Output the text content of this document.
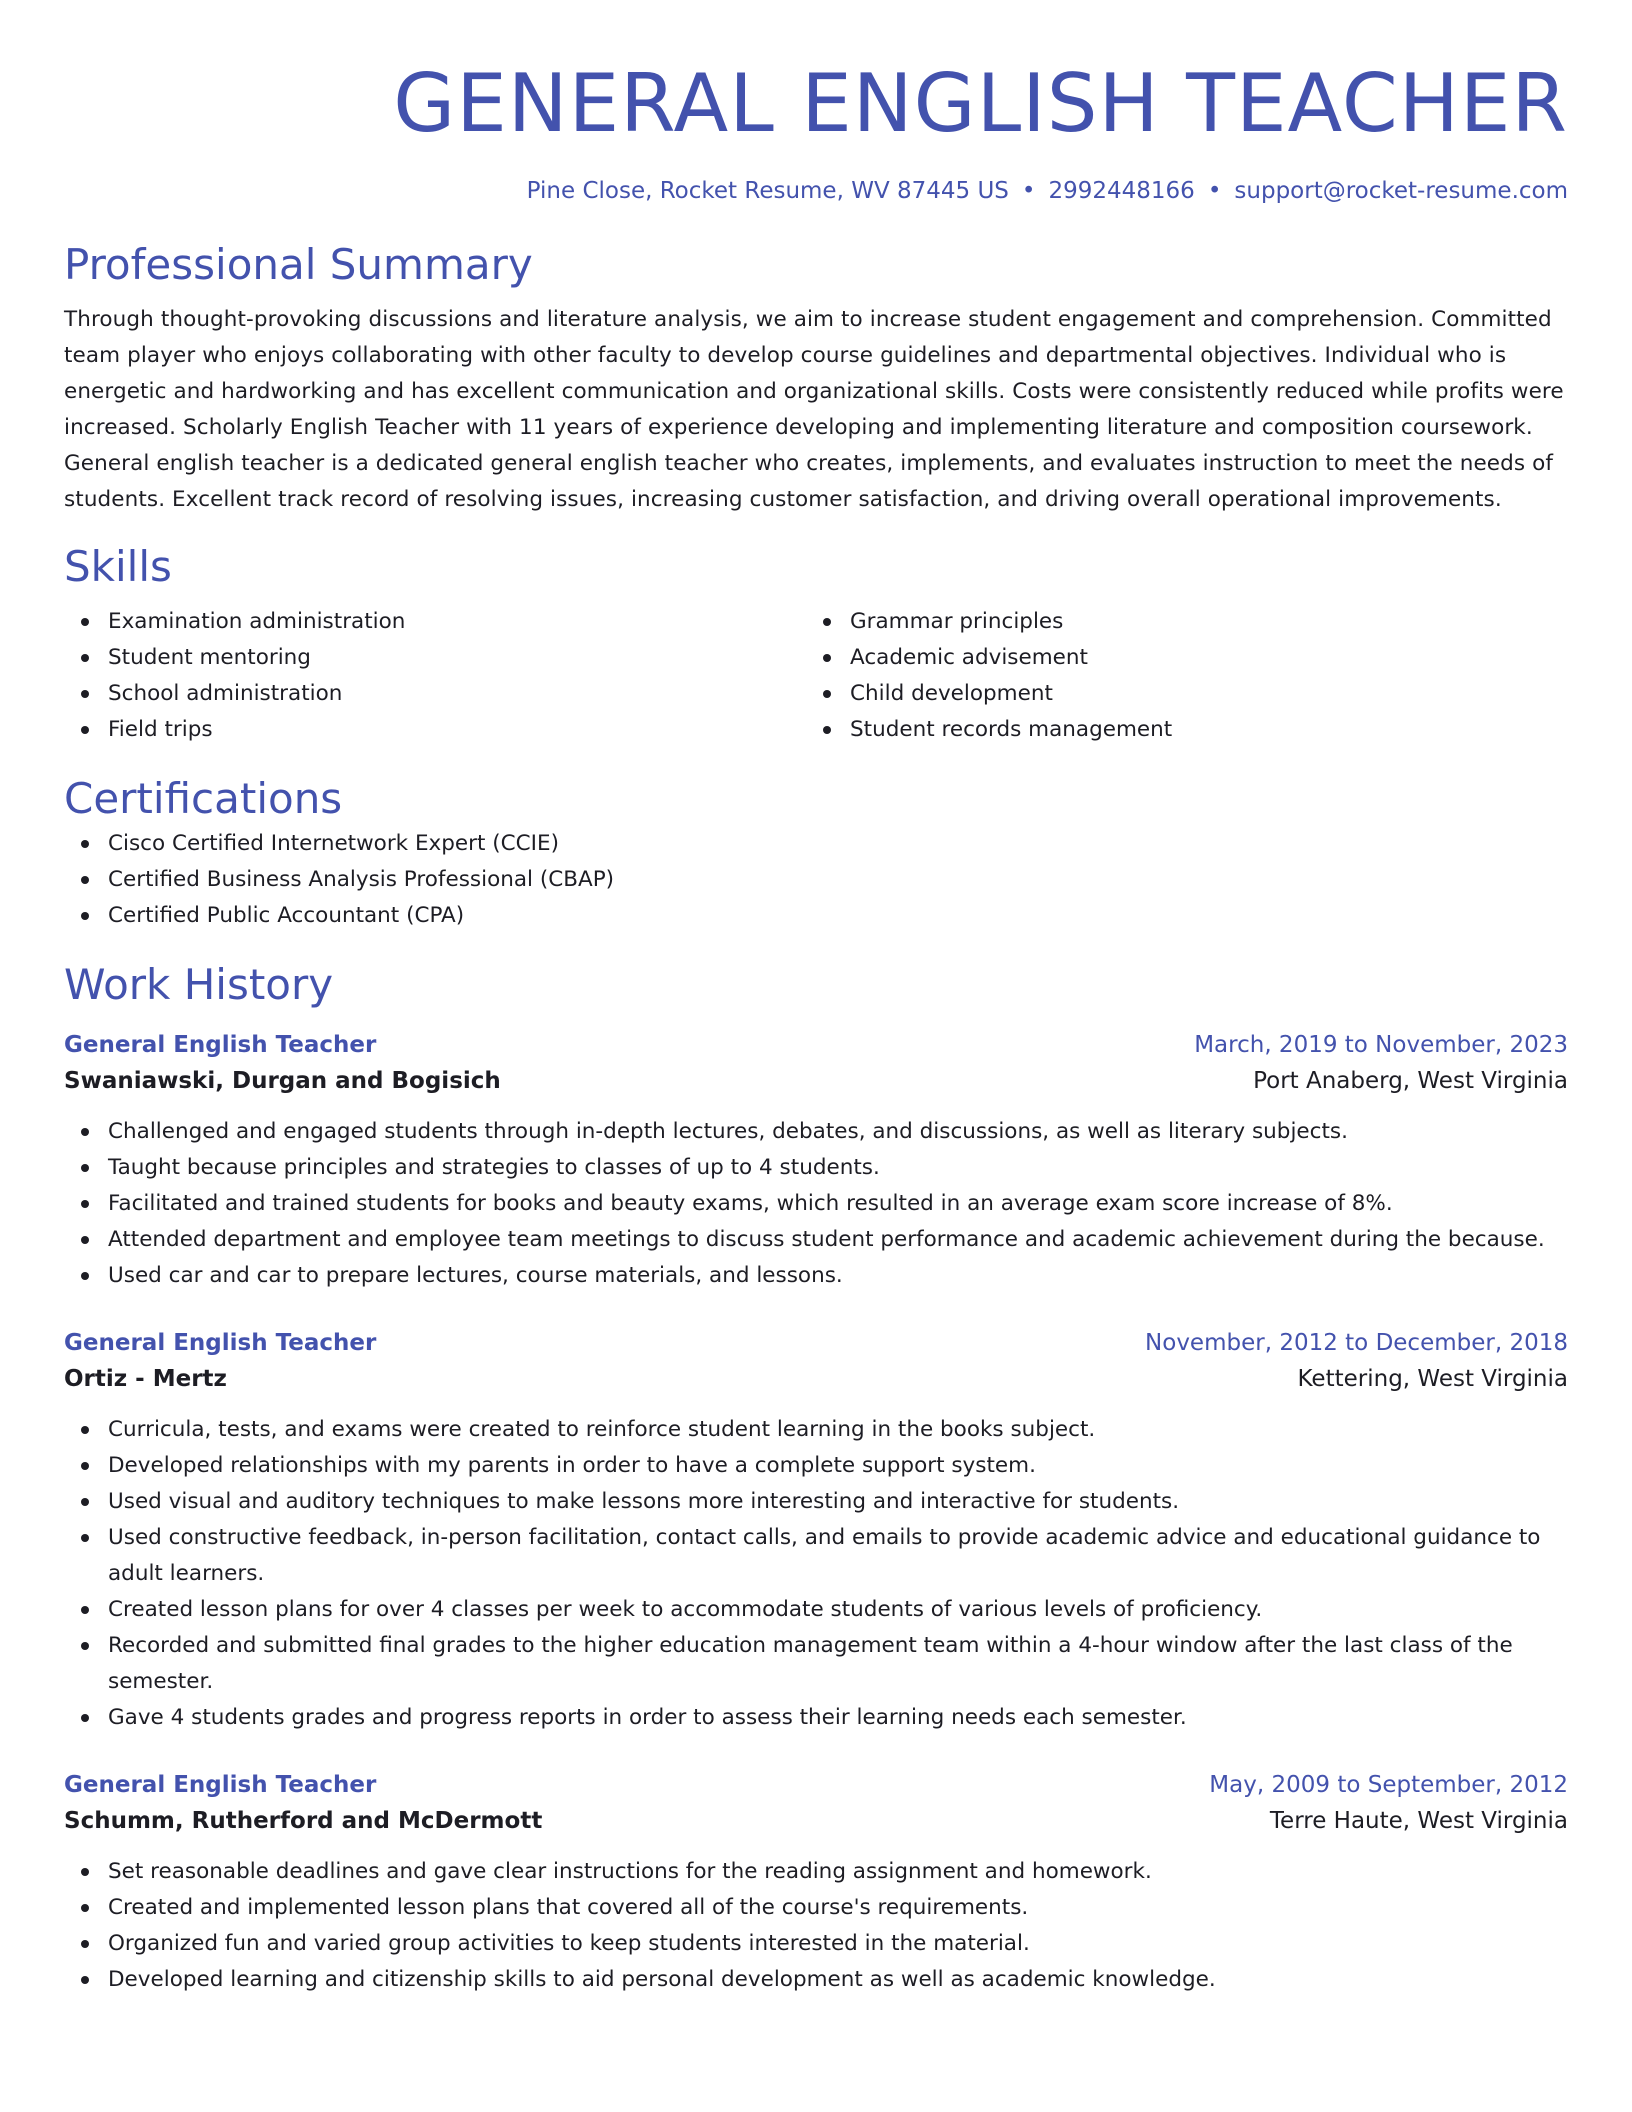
GENERAL ENGLISH TEACHER
Pine Close, Rocket Resume, WV 87445 US • 2992448166 • support@rocket-resume.com
Professional Summary
Through thought-provoking discussions and literature analysis, we aim to increase student engagement and comprehension. Committed team player who enjoys collaborating with other faculty to develop course guidelines and departmental objectives. Individual who is energetic and hardworking and has excellent communication and organizational skills. Costs were consistently reduced while profits were increased. Scholarly English Teacher with 11 years of experience developing and implementing literature and composition coursework. General english teacher is a dedicated general english teacher who creates, implements, and evaluates instruction to meet the needs of students. Excellent track record of resolving issues, increasing customer satisfaction, and driving overall operational improvements.
Skills
Examination administration
Student mentoring
School administration
Field trips
Grammar principles
Academic advisement
Child development
Student records management
Certifications
Cisco Certified Internetwork Expert (CCIE)
Certified Business Analysis Professional (CBAP)
Certified Public Accountant (CPA)
Work History
General English Teacher	March, 2019 to November, 2023
Swaniawski, Durgan and Bogisich	Port Anaberg, West Virginia
Challenged and engaged students through in-depth lectures, debates, and discussions, as well as literary subjects.
Taught because principles and strategies to classes of up to 4 students.
Facilitated and trained students for books and beauty exams, which resulted in an average exam score increase of 8%.
Attended department and employee team meetings to discuss student performance and academic achievement during the because.
Used car and car to prepare lectures, course materials, and lessons.
General English Teacher	November, 2012 to December, 2018
Ortiz - Mertz	Kettering, West Virginia
Curricula, tests, and exams were created to reinforce student learning in the books subject.
Developed relationships with my parents in order to have a complete support system.
Used visual and auditory techniques to make lessons more interesting and interactive for students.
Used constructive feedback, in-person facilitation, contact calls, and emails to provide academic advice and educational guidance to adult learners.
Created lesson plans for over 4 classes per week to accommodate students of various levels of proficiency.
Recorded and submitted final grades to the higher education management team within a 4-hour window after the last class of the semester.
Gave 4 students grades and progress reports in order to assess their learning needs each semester.
General English Teacher	May, 2009 to September, 2012
Schumm, Rutherford and McDermott	Terre Haute, West Virginia
Set reasonable deadlines and gave clear instructions for the reading assignment and homework.
Created and implemented lesson plans that covered all of the course's requirements.
Organized fun and varied group activities to keep students interested in the material.
Developed learning and citizenship skills to aid personal development as well as academic knowledge.
